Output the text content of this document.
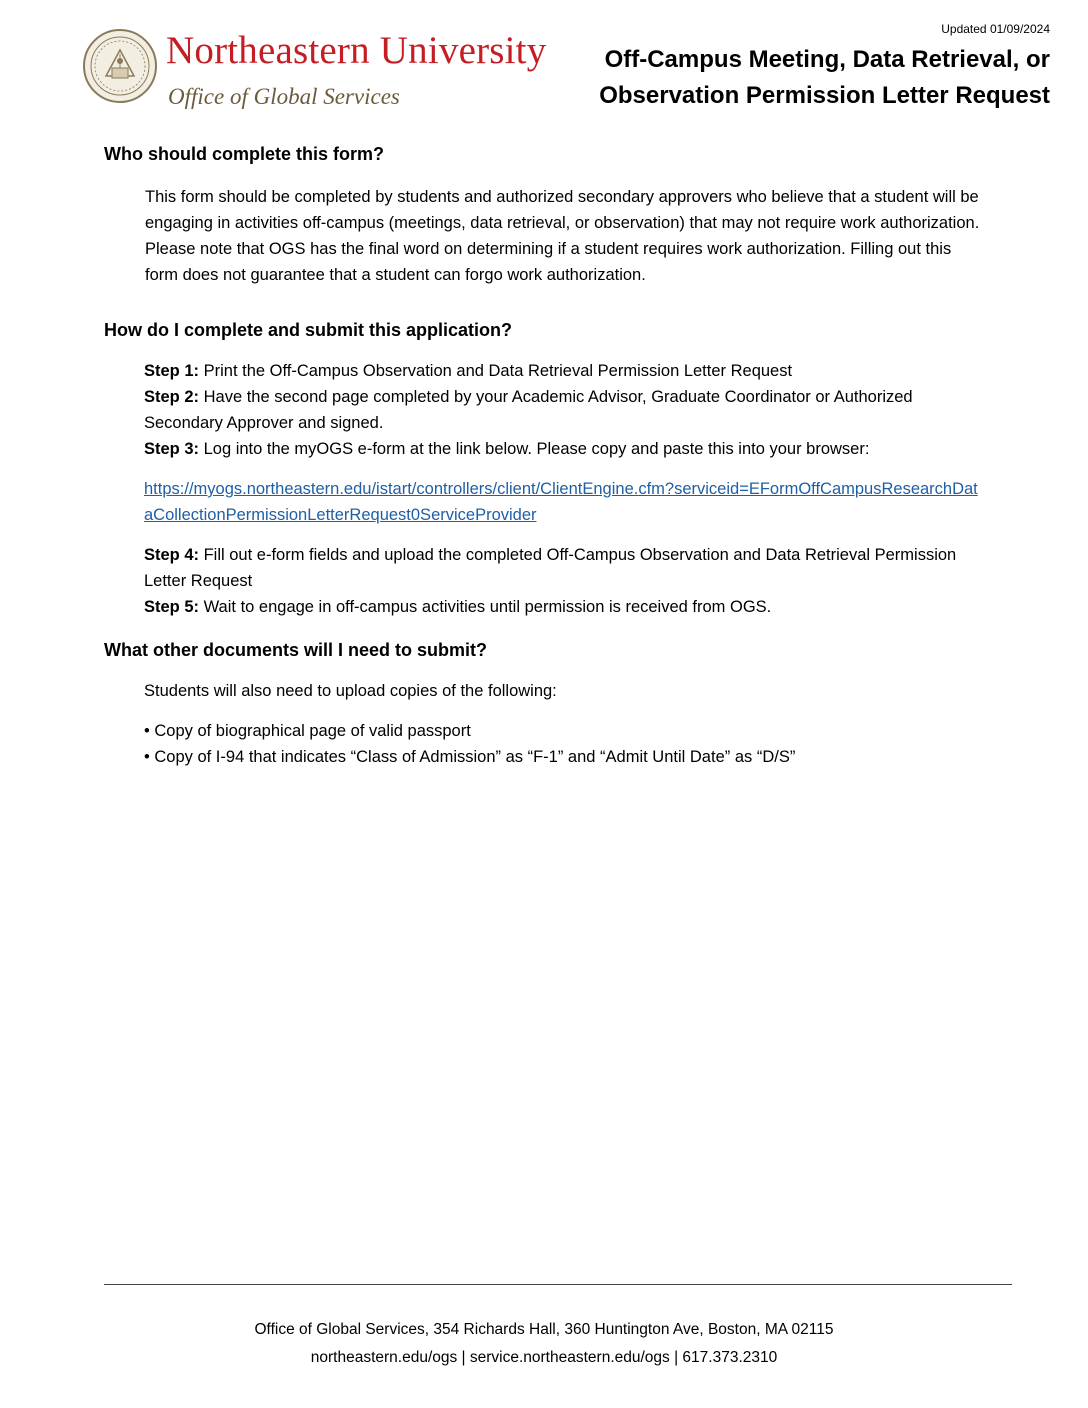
Updated 01/09/2024
Northeastern University
Office of Global Services
Off-Campus Meeting, Data Retrieval, or
Observation Permission Letter Request
Who should complete this form?

This form should be completed by students and authorized secondary approvers who believe that a student will be engaging in activities off-campus (meetings, data retrieval, or observation) that may not require work authorization. Please note that OGS has the final word on determining if a student requires work authorization. Filling out this form does not guarantee that a student can forgo work authorization.

How do I complete and submit this application?
Step 1: Print the Off-Campus Observation and Data Retrieval Permission Letter Request
Step 2: Have the second page completed by your Academic Advisor, Graduate Coordinator or Authorized Secondary Approver and signed.
Step 3: Log into the myOGS e-form at the link below. Please copy and paste this into your browser:
https://myogs.northeastern.edu/istart/controllers/client/ClientEngine.cfm?serviceid=EFormOffCampusResearchDataCollectionPermissionLetterRequest0ServiceProvider
Step 4: Fill out e-form fields and upload the completed Off-Campus Observation and Data Retrieval Permission Letter Request
Step 5: Wait to engage in off-campus activities until permission is received from OGS.
What other documents will I need to submit?
Students will also need to upload copies of the following:
• Copy of biographical page of valid passport
• Copy of I-94 that indicates “Class of Admission” as “F-1” and “Admit Until Date” as “D/S”
Office of Global Services, 354 Richards Hall, 360 Huntington Ave, Boston, MA 02115
northeastern.edu/ogs | service.northeastern.edu/ogs | 617.373.2310
